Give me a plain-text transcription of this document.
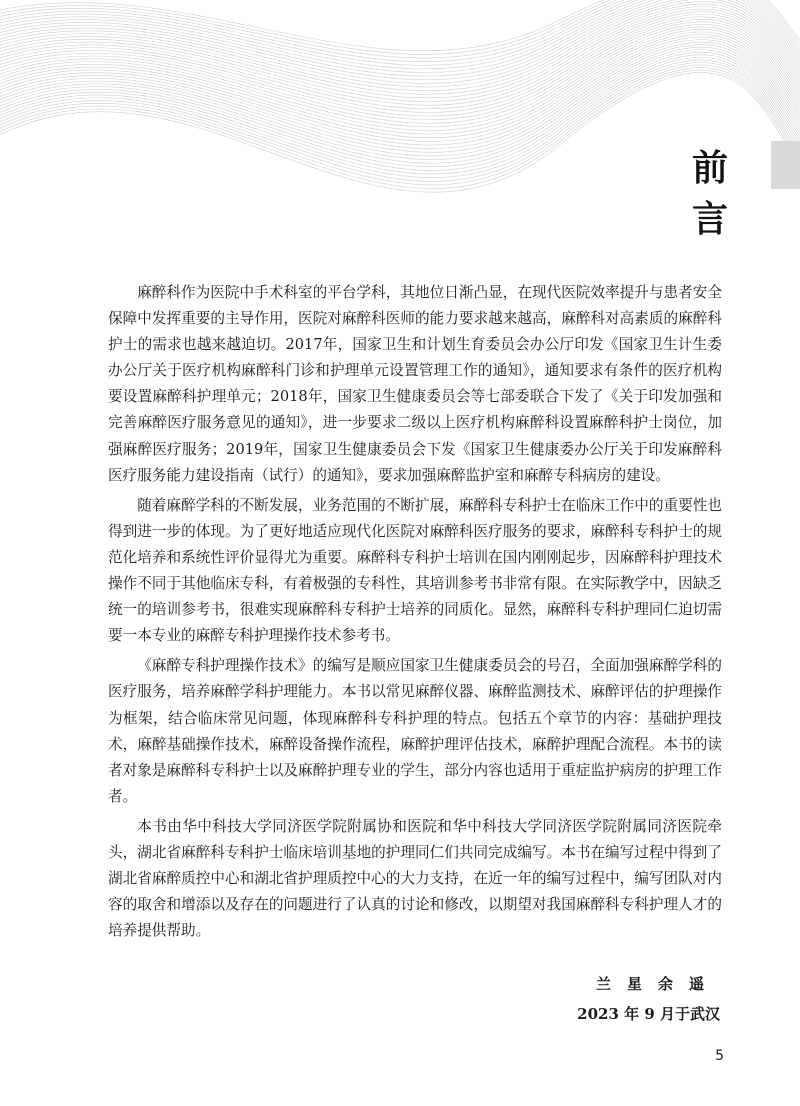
前 言

麻醉科作为医院中手术科室的平台学科，其地位日渐凸显，在现代医院效率提升与患者安全保障中发挥重要的主导作用，医院对麻醉科医师的能力要求越来越高，麻醉科对高素质的麻醉科护士的需求也越来越迫切。2017年，国家卫生和计划生育委员会办公厅印发《国家卫生计生委办公厅关于医疗机构麻醉科门诊和护理单元设置管理工作的通知》，通知要求有条件的医疗机构要设置麻醉科护理单元；2018年，国家卫生健康委员会等七部委联合下发了《关于印发加强和完善麻醉医疗服务意见的通知》，进一步要求二级以上医疗机构麻醉科设置麻醉科护士岗位，加强麻醉医疗服务；2019年，国家卫生健康委员会下发《国家卫生健康委办公厅关于印发麻醉科医疗服务能力建设指南（试行）的通知》，要求加强麻醉监护室和麻醉专科病房的建设。

随着麻醉学科的不断发展，业务范围的不断扩展，麻醉科专科护士在临床工作中的重要性也得到进一步的体现。为了更好地适应现代化医院对麻醉科医疗服务的要求，麻醉科专科护士的规范化培养和系统性评价显得尤为重要。麻醉科专科护士培训在国内刚刚起步，因麻醉科护理技术操作不同于其他临床专科，有着极强的专科性，其培训参考书非常有限。在实际教学中，因缺乏统一的培训参考书，很难实现麻醉科专科护士培养的同质化。显然，麻醉科专科护理同仁迫切需要一本专业的麻醉专科护理操作技术参考书。

《麻醉专科护理操作技术》的编写是顺应国家卫生健康委员会的号召，全面加强麻醉学科的医疗服务，培养麻醉学科护理能力。本书以常见麻醉仪器、麻醉监测技术、麻醉评估的护理操作为框架，结合临床常见问题，体现麻醉科专科护理的特点。包括五个章节的内容：基础护理技术，麻醉基础操作技术，麻醉设备操作流程，麻醉护理评估技术，麻醉护理配合流程。本书的读者对象是麻醉科专科护士以及麻醉护理专业的学生，部分内容也适用于重症监护病房的护理工作者。

本书由华中科技大学同济医学院附属协和医院和华中科技大学同济医学院附属同济医院牵头，湖北省麻醉科专科护士临床培训基地的护理同仁们共同完成编写。本书在编写过程中得到了湖北省麻醉质控中心和湖北省护理质控中心的大力支持，在近一年的编写过程中，编写团队对内容的取舍和增添以及存在的问题进行了认真的讨论和修改，以期望对我国麻醉科专科护理人才的培养提供帮助。

兰星余遥
2023 年 9 月于武汉
5
